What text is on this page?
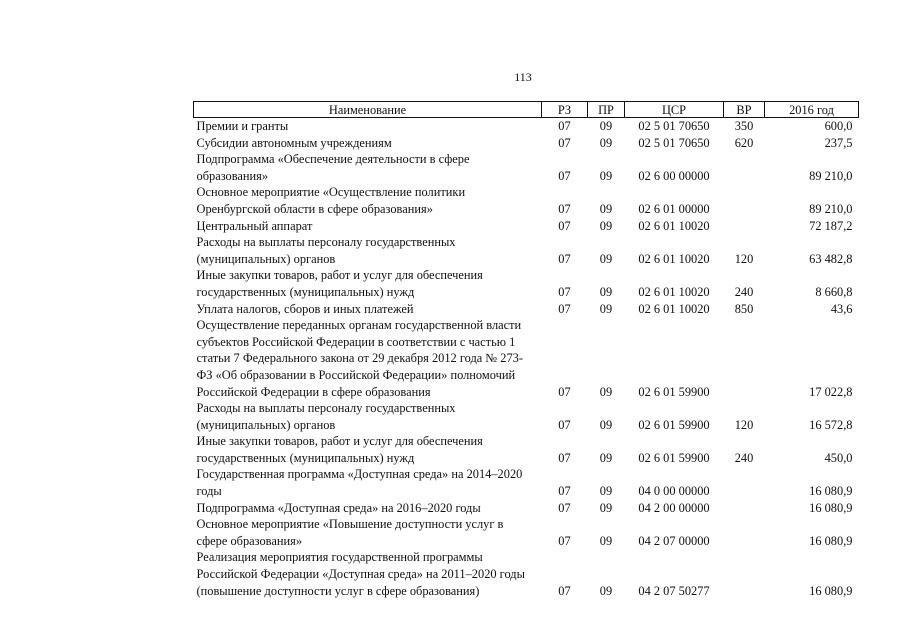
113
Наименование	РЗ	ПР	ЦСР	ВР	2016 год
Премии и гранты	07	09	02 5 01 70650	350	600,0
Субсидии автономным учреждениям	07	09	02 5 01 70650	620	237,5
Подпрограмма «Обеспечение деятельности в сфере
образования»	07	09	02 6 00 00000		89 210,0
Основное мероприятие «Осуществление политики
Оренбургской области в сфере образования»	07	09	02 6 01 00000		89 210,0
Центральный аппарат	07	09	02 6 01 10020		72 187,2
Расходы на выплаты персоналу государственных
(муниципальных) органов	07	09	02 6 01 10020	120	63 482,8
Иные закупки товаров, работ и услуг для обеспечения
государственных (муниципальных) нужд	07	09	02 6 01 10020	240	8 660,8
Уплата налогов, сборов и иных платежей	07	09	02 6 01 10020	850	43,6
Осуществление переданных органам государственной власти
субъектов Российской Федерации в соответствии с частью 1
статьи 7 Федерального закона от 29 декабря 2012 года № 273-
ФЗ «Об образовании в Российской Федерации» полномочий
Российской Федерации в сфере образования	07	09	02 6 01 59900		17 022,8
Расходы на выплаты персоналу государственных
(муниципальных) органов	07	09	02 6 01 59900	120	16 572,8
Иные закупки товаров, работ и услуг для обеспечения
государственных (муниципальных) нужд	07	09	02 6 01 59900	240	450,0
Государственная программа «Доступная среда» на 2014–2020
годы	07	09	04 0 00 00000		16 080,9
Подпрограмма «Доступная среда» на 2016–2020 годы	07	09	04 2 00 00000		16 080,9
Основное мероприятие «Повышение доступности услуг в
сфере образования»	07	09	04 2 07 00000		16 080,9
Реализация мероприятия государственной программы
Российской Федерации «Доступная среда» на 2011–2020 годы
(повышение доступности услуг в сфере образования)	07	09	04 2 07 50277		16 080,9
